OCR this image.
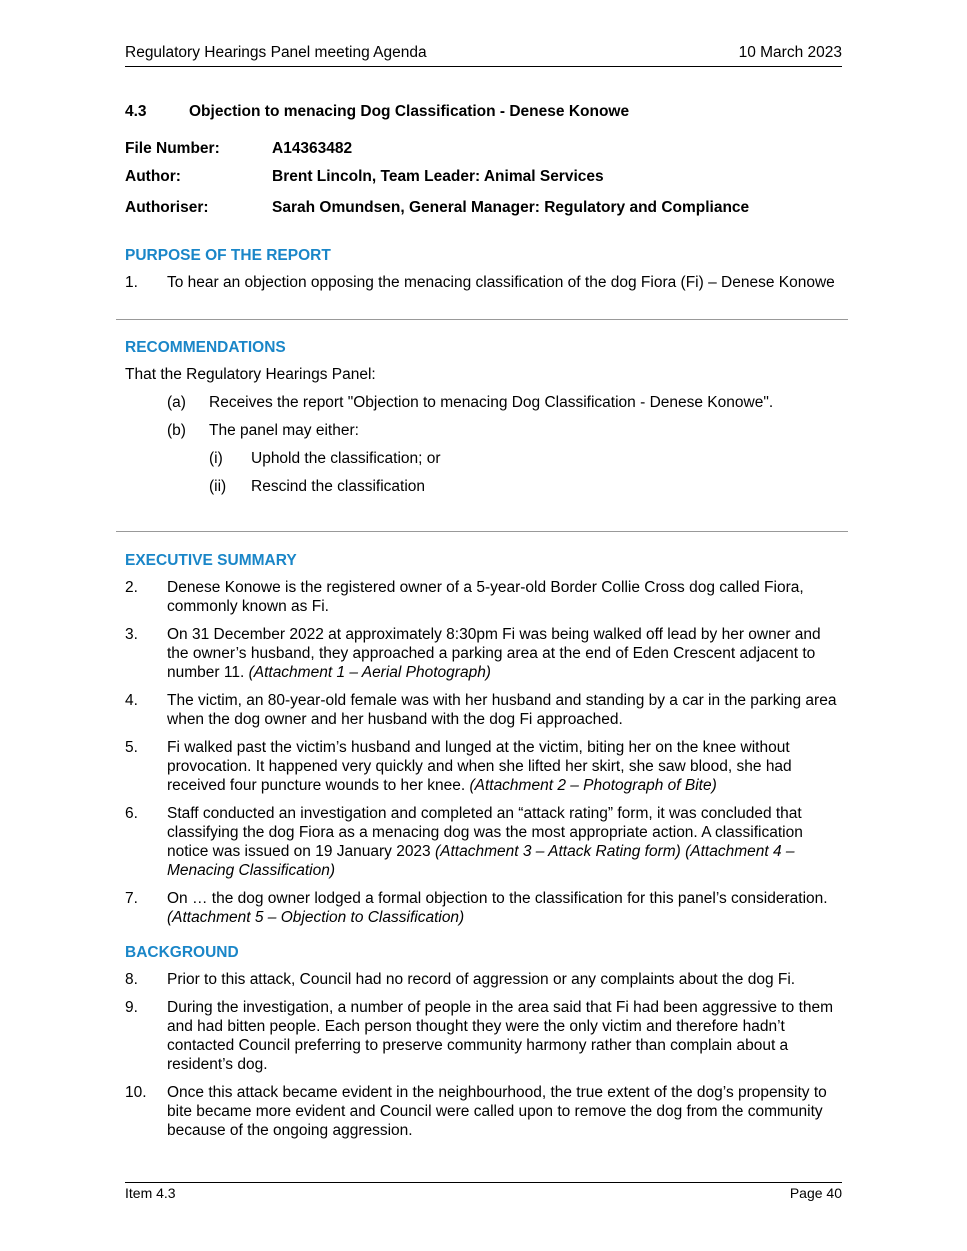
Regulatory Hearings Panel meeting Agenda	10 March 2023
4.3	Objection to menacing Dog Classification - Denese Konowe
File Number:	A14363482
Author:	Brent Lincoln, Team Leader: Animal Services
Authoriser:	Sarah Omundsen, General Manager: Regulatory and Compliance
PURPOSE OF THE REPORT
1.	To hear an objection opposing the menacing classification of the dog Fiora (Fi) – Denese Konowe
RECOMMENDATIONS
That the Regulatory Hearings Panel:
(a)	Receives the report "Objection to menacing Dog Classification - Denese Konowe".
(b)	The panel may either:
(i)	Uphold the classification; or
(ii)	Rescind the classification
EXECUTIVE SUMMARY
2.	Denese Konowe is the registered owner of a 5-year-old Border Collie Cross dog called Fiora, commonly known as Fi.
3.	On 31 December 2022 at approximately 8:30pm Fi was being walked off lead by her owner and the owner’s husband, they approached a parking area at the end of Eden Crescent adjacent to number 11. (Attachment 1 – Aerial Photograph)
4.	The victim, an 80-year-old female was with her husband and standing by a car in the parking area when the dog owner and her husband with the dog Fi approached.
5.	Fi walked past the victim’s husband and lunged at the victim, biting her on the knee without provocation. It happened very quickly and when she lifted her skirt, she saw blood, she had received four puncture wounds to her knee. (Attachment 2 – Photograph of Bite)
6.	Staff conducted an investigation and completed an “attack rating” form, it was concluded that classifying the dog Fiora as a menacing dog was the most appropriate action. A classification notice was issued on 19 January 2023 (Attachment 3 – Attack Rating form) (Attachment 4 – Menacing Classification)
7.	On … the dog owner lodged a formal objection to the classification for this panel’s consideration. (Attachment 5 – Objection to Classification)
BACKGROUND
8.	Prior to this attack, Council had no record of aggression or any complaints about the dog Fi.
9.	During the investigation, a number of people in the area said that Fi had been aggressive to them and had bitten people. Each person thought they were the only victim and therefore hadn’t contacted Council preferring to preserve community harmony rather than complain about a resident’s dog.
10.	Once this attack became evident in the neighbourhood, the true extent of the dog’s propensity to bite became more evident and Council were called upon to remove the dog from the community because of the ongoing aggression.
Item 4.3	Page 40
